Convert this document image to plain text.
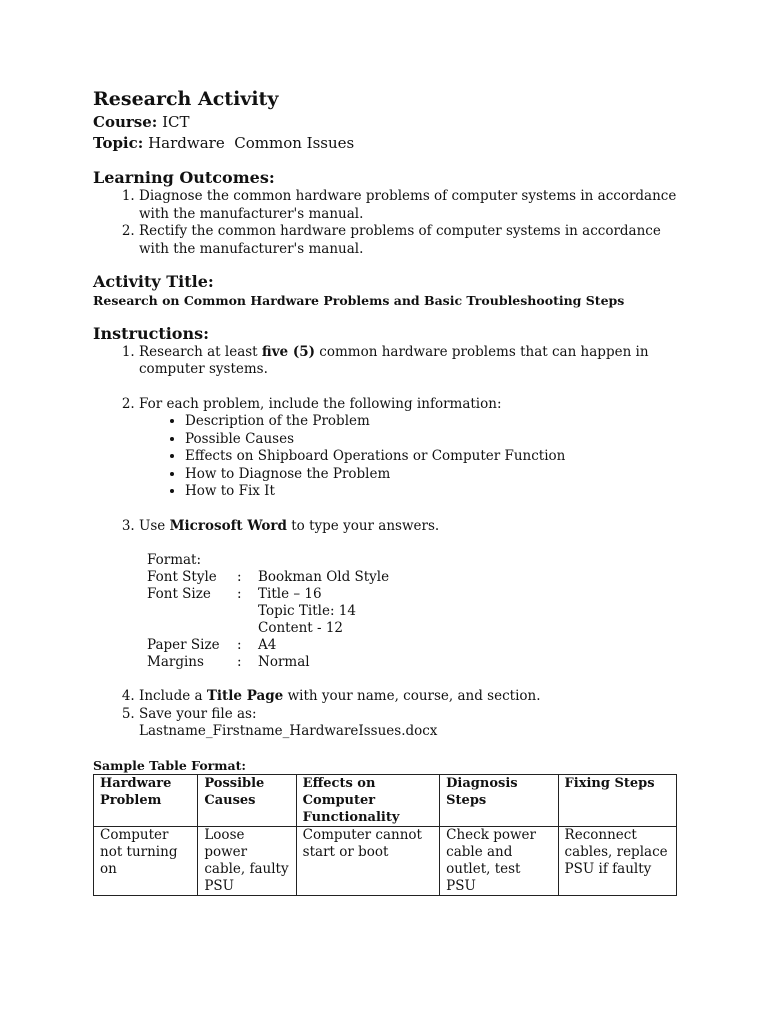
Research Activity
Course: ICT
Topic: Hardware  Common Issues
Learning Outcomes:
1. Diagnose the common hardware problems of computer systems in accordance with the manufacturer's manual.
2. Rectify the common hardware problems of computer systems in accordance with the manufacturer's manual.
Activity Title:
Research on Common Hardware Problems and Basic Troubleshooting Steps
Instructions:
1. Research at least five (5) common hardware problems that can happen in computer systems.
2. For each problem, include the following information:
• Description of the Problem
• Possible Causes
• Effects on Shipboard Operations or Computer Function
• How to Diagnose the Problem
• How to Fix It
3. Use Microsoft Word to type your answers.
Format:
Font Style	:	Bookman Old Style
Font Size	:	Title – 16
Topic Title: 14
Content - 12
Paper Size	:	A4
Margins	:	Normal
4. Include a Title Page with your name, course, and section.
5. Save your file as:
Lastname_Firstname_HardwareIssues.docx
Sample Table Format:
Hardware Problem	Possible Causes	Effects on Computer Functionality	Diagnosis Steps	Fixing Steps
Computer not turning on	Loose power cable, faulty PSU	Computer cannot start or boot	Check power cable and outlet, test PSU	Reconnect cables, replace PSU if faulty
